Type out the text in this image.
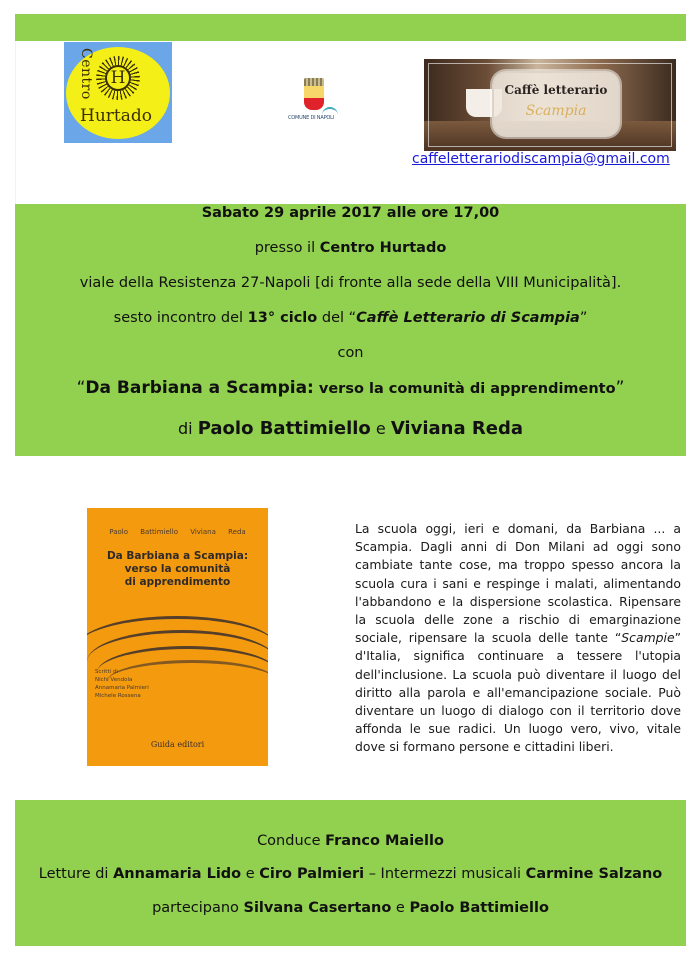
H
Centro
Hurtado	COMUNE DI NAPOLI
Caffè letterario
Scampia
caffeletterariodiscampia@gmail.com
Sabato 29 aprile 2017 alle ore 17,00
presso il Centro Hurtado
viale della Resistenza 27-Napoli [di fronte alla sede della VIII Municipalità].
sesto incontro del 13° ciclo del “Caffè Letterario di Scampia”
con
“Da Barbiana a Scampia: verso la comunità di apprendimento”
di Paolo Battimiello e Viviana Reda
Paolo Battimiello Viviana Reda
Da Barbiana a Scampia:
verso la comunità
di apprendimento
Scritti di
Nichi Vendola
Annamaria Palmieri
Michele Rossena
Guida editori
La scuola oggi, ieri e domani, da Barbiana ... a Scampia. Dagli anni di Don Milani ad oggi sono cambiate tante cose, ma troppo spesso ancora la scuola cura i sani e respinge i malati, alimentando l'abbandono e la dispersione scolastica. Ripensare la scuola delle zone a rischio di emarginazione sociale, ripensare la scuola delle tante “Scampie” d'Italia, significa continuare a tessere l'utopia dell'inclusione. La scuola può diventare il luogo del diritto alla parola e all'emancipazione sociale. Può diventare un luogo di dialogo con il territorio dove affonda le sue radici. Un luogo vero, vivo, vitale dove si formano persone e cittadini liberi.
Conduce Franco Maiello
Letture di Annamaria Lido e Ciro Palmieri – Intermezzi musicali Carmine Salzano
partecipano Silvana Casertano e Paolo Battimiello
